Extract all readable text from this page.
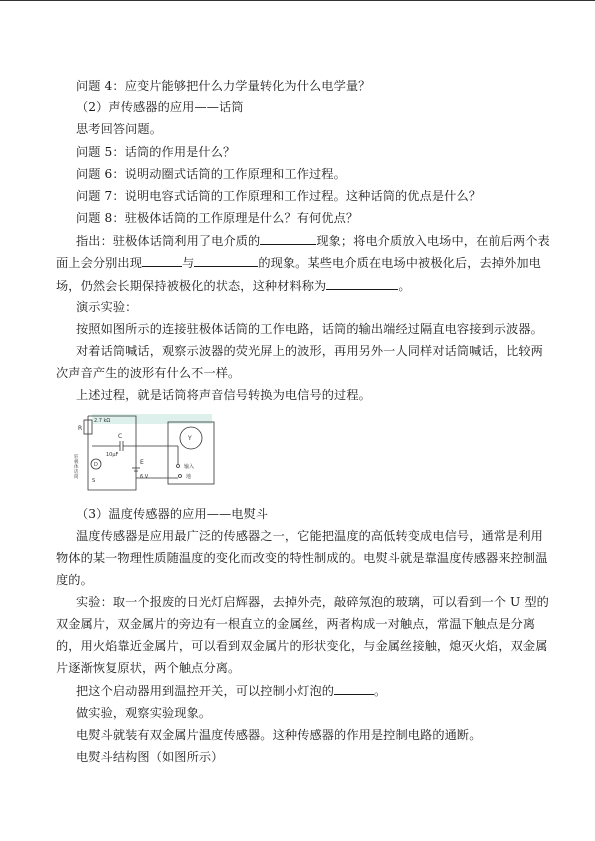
问题 4：应变片能够把什么力学量转化为什么电学量？
（2）声传感器的应用——话筒
思考回答问题。
问题 5：话筒的作用是什么？
问题 6：说明动圈式话筒的工作原理和工作过程。
问题 7：说明电容式话筒的工作原理和工作过程。这种话筒的优点是什么？
问题 8：驻极体话筒的工作原理是什么？有何优点？
指出：驻极体话筒利用了电介质的	现象；将电介质放入电场中，在前后两个表
面上会分别出现	与	的现象。某些电介质在电场中被极化后，去掉外加电
场，仍然会长期保持被极化的状态，这种材料称为	。
演示实验：
按照如图所示的连接驻极体话筒的工作电路，话筒的输出端经过隔直电容接到示波器。
对着话筒喊话，观察示波器的荧光屏上的波形，再用另外一人同样对话筒喊话，比较两
次声音产生的波形有什么不一样。
上述过程，就是话筒将声音信号转换为电信号的过程。
R
2.7 kΩ
C
10μF
E
6 V
D
S
Y
输入
地
驻
极
体
话
筒
（3）温度传感器的应用——电熨斗
温度传感器是应用最广泛的传感器之一，它能把温度的高低转变成电信号，通常是利用
物体的某一物理性质随温度的变化而改变的特性制成的。电熨斗就是靠温度传感器来控制温
度的。
实验：取一个报废的日光灯启辉器，去掉外壳，敲碎氖泡的玻璃，可以看到一个 U 型的
双金属片，双金属片的旁边有一根直立的金属丝，两者构成一对触点，常温下触点是分离
的，用火焰靠近金属片，可以看到双金属片的形状变化，与金属丝接触，熄灭火焰，双金属
片逐渐恢复原状，两个触点分离。
把这个启动器用到温控开关，可以控制小灯泡的	。
做实验，观察实验现象。
电熨斗就装有双金属片温度传感器。这种传感器的作用是控制电路的通断。
电熨斗结构图（如图所示）
